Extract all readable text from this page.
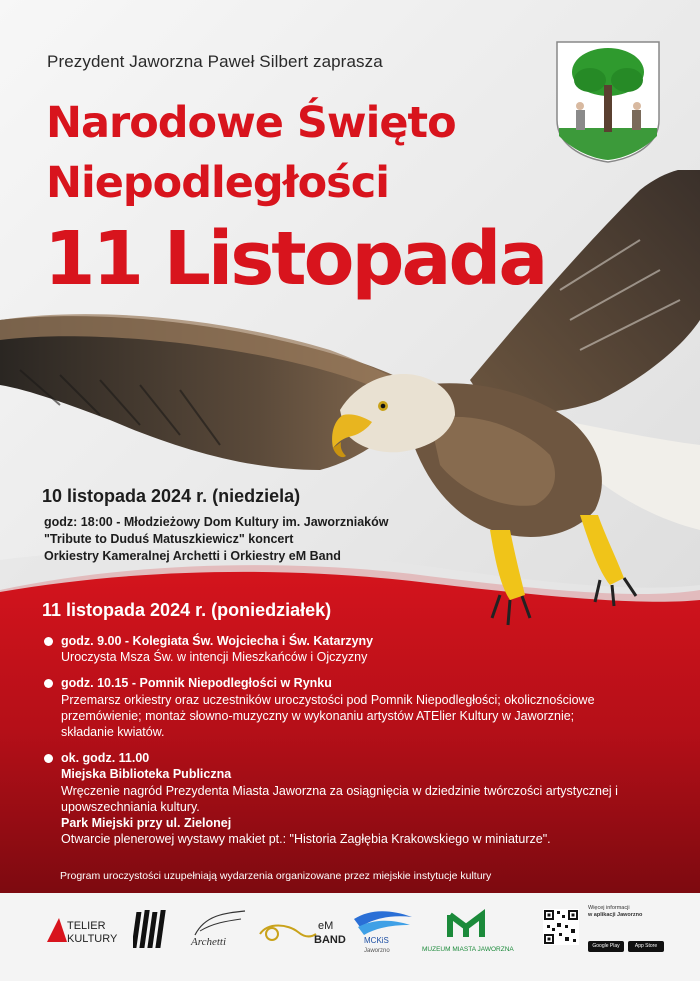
Prezydent Jaworzna Paweł Silbert zaprasza
Narodowe Święto
Niepodległości
11 Listopada
10 listopada 2024 r. (niedziela)
godz: 18:00 - Młodzieżowy Dom Kultury im. Jaworzniaków
"Tribute to Duduś Matuszkiewicz" koncert
Orkiestry Kameralnej Archetti i Orkiestry eM Band
11 listopada 2024 r. (poniedziałek)
godz. 9.00 - Kolegiata Św. Wojciecha i Św. Katarzyny
Uroczysta Msza Św. w intencji Mieszkańców i Ojczyzny
godz. 10.15 - Pomnik Niepodległości w Rynku
Przemarsz orkiestry oraz uczestników uroczystości pod Pomnik Niepodległości; okolicznościowe przemówienie; montaż słowno-muzyczny w wykonaniu artystów ATElier Kultury w Jaworznie; składanie kwiatów.
ok. godz. 11.00
Miejska Biblioteka Publiczna
Wręczenie nagród Prezydenta Miasta Jaworzna za osiągnięcia w dziedzinie twórczości artystycznej i upowszechniania kultury.
Park Miejski przy ul. Zielonej
Otwarcie plenerowej wystawy makiet pt.: "Historia Zagłębia Krakowskiego w miniaturze".
Program uroczystości uzupełniają wydarzenia organizowane przez miejskie instytucje kultury
TELIER
KULTURY	Archetti
eM
BAND MCKiS
Jaworzno	MUZEUM MIASTA JAWORZNA
Więcej informacji
w aplikacji Jaworzno
Google Play	App Store
